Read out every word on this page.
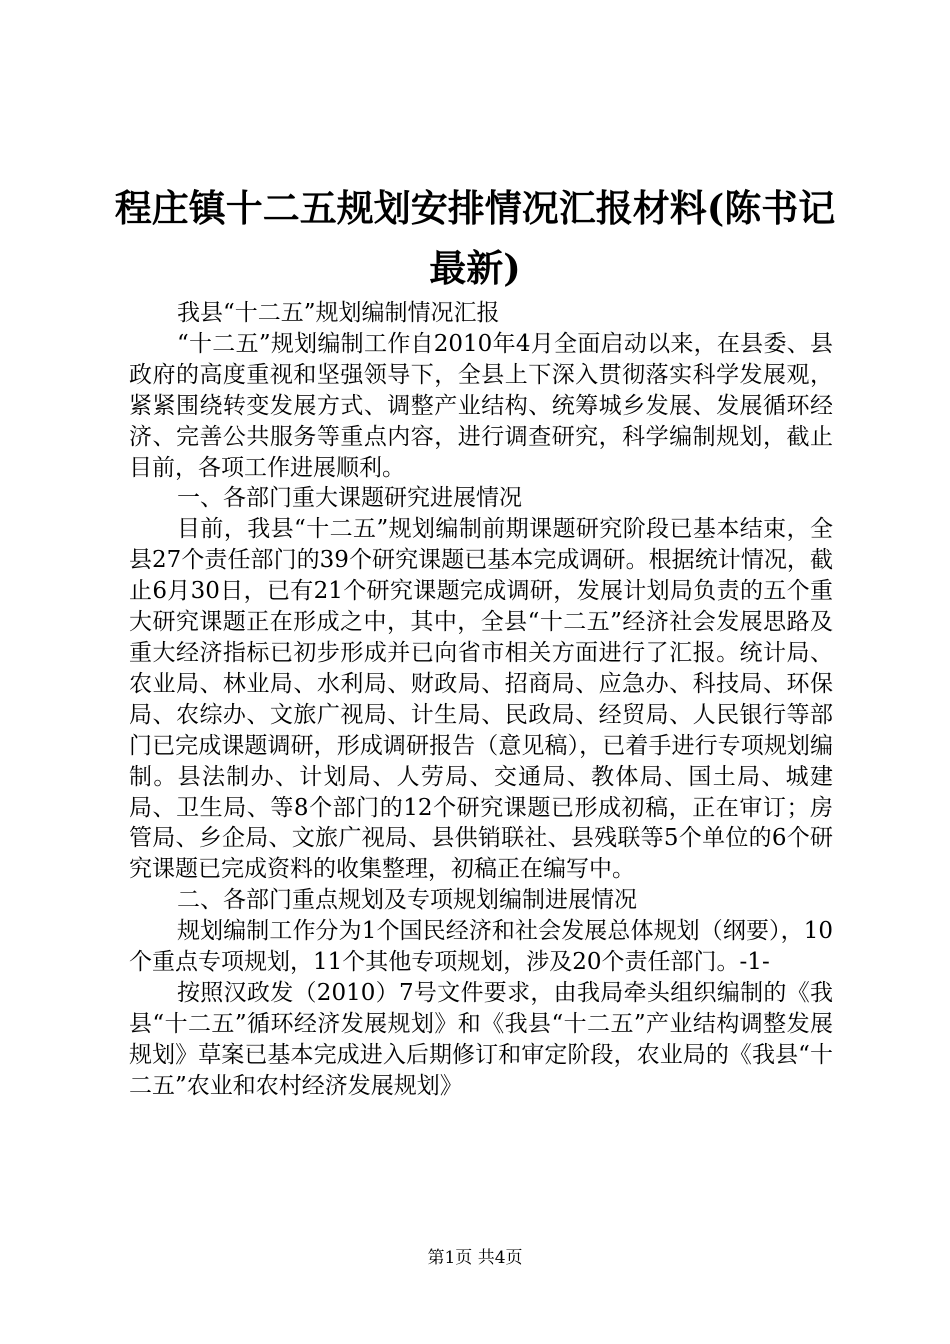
程庄镇十二五规划安排情况汇报材料(陈书记最新)

我县“十二五”规划编制情况汇报

“十二五”规划编制工作自2010年4月全面启动以来，在县委、县政府的高度重视和坚强领导下，全县上下深入贯彻落实科学发展观，紧紧围绕转变发展方式、调整产业结构、统筹城乡发展、发展循环经济、完善公共服务等重点内容，进行调查研究，科学编制规划，截止目前，各项工作进展顺利。

一、各部门重大课题研究进展情况

目前，我县“十二五”规划编制前期课题研究阶段已基本结束，全县27个责任部门的39个研究课题已基本完成调研。根据统计情况，截止6月30日，已有21个研究课题完成调研，发展计划局负责的五个重大研究课题正在形成之中，其中，全县“十二五”经济社会发展思路及重大经济指标已初步形成并已向省市相关方面进行了汇报。统计局、农业局、林业局、水利局、财政局、招商局、应急办、科技局、环保局、农综办、文旅广视局、计生局、民政局、经贸局、人民银行等部门已完成课题调研，形成调研报告（意见稿），已着手进行专项规划编制。县法制办、计划局、人劳局、交通局、教体局、国土局、城建局、卫生局、等8个部门的12个研究课题已形成初稿，正在审订；房管局、乡企局、文旅广视局、县供销联社、县残联等5个单位的6个研究课题已完成资料的收集整理，初稿正在编写中。

二、各部门重点规划及专项规划编制进展情况

规划编制工作分为1个国民经济和社会发展总体规划（纲要），10个重点专项规划，11个其他专项规划，涉及20个责任部门。-1-

按照汉政发（2010）7号文件要求，由我局牵头组织编制的《我县“十二五”循环经济发展规划》和《我县“十二五”产业结构调整发展规划》草案已基本完成进入后期修订和审定阶段，农业局的《我县“十二五”农业和农村经济发展规划》

第1页 共4页
